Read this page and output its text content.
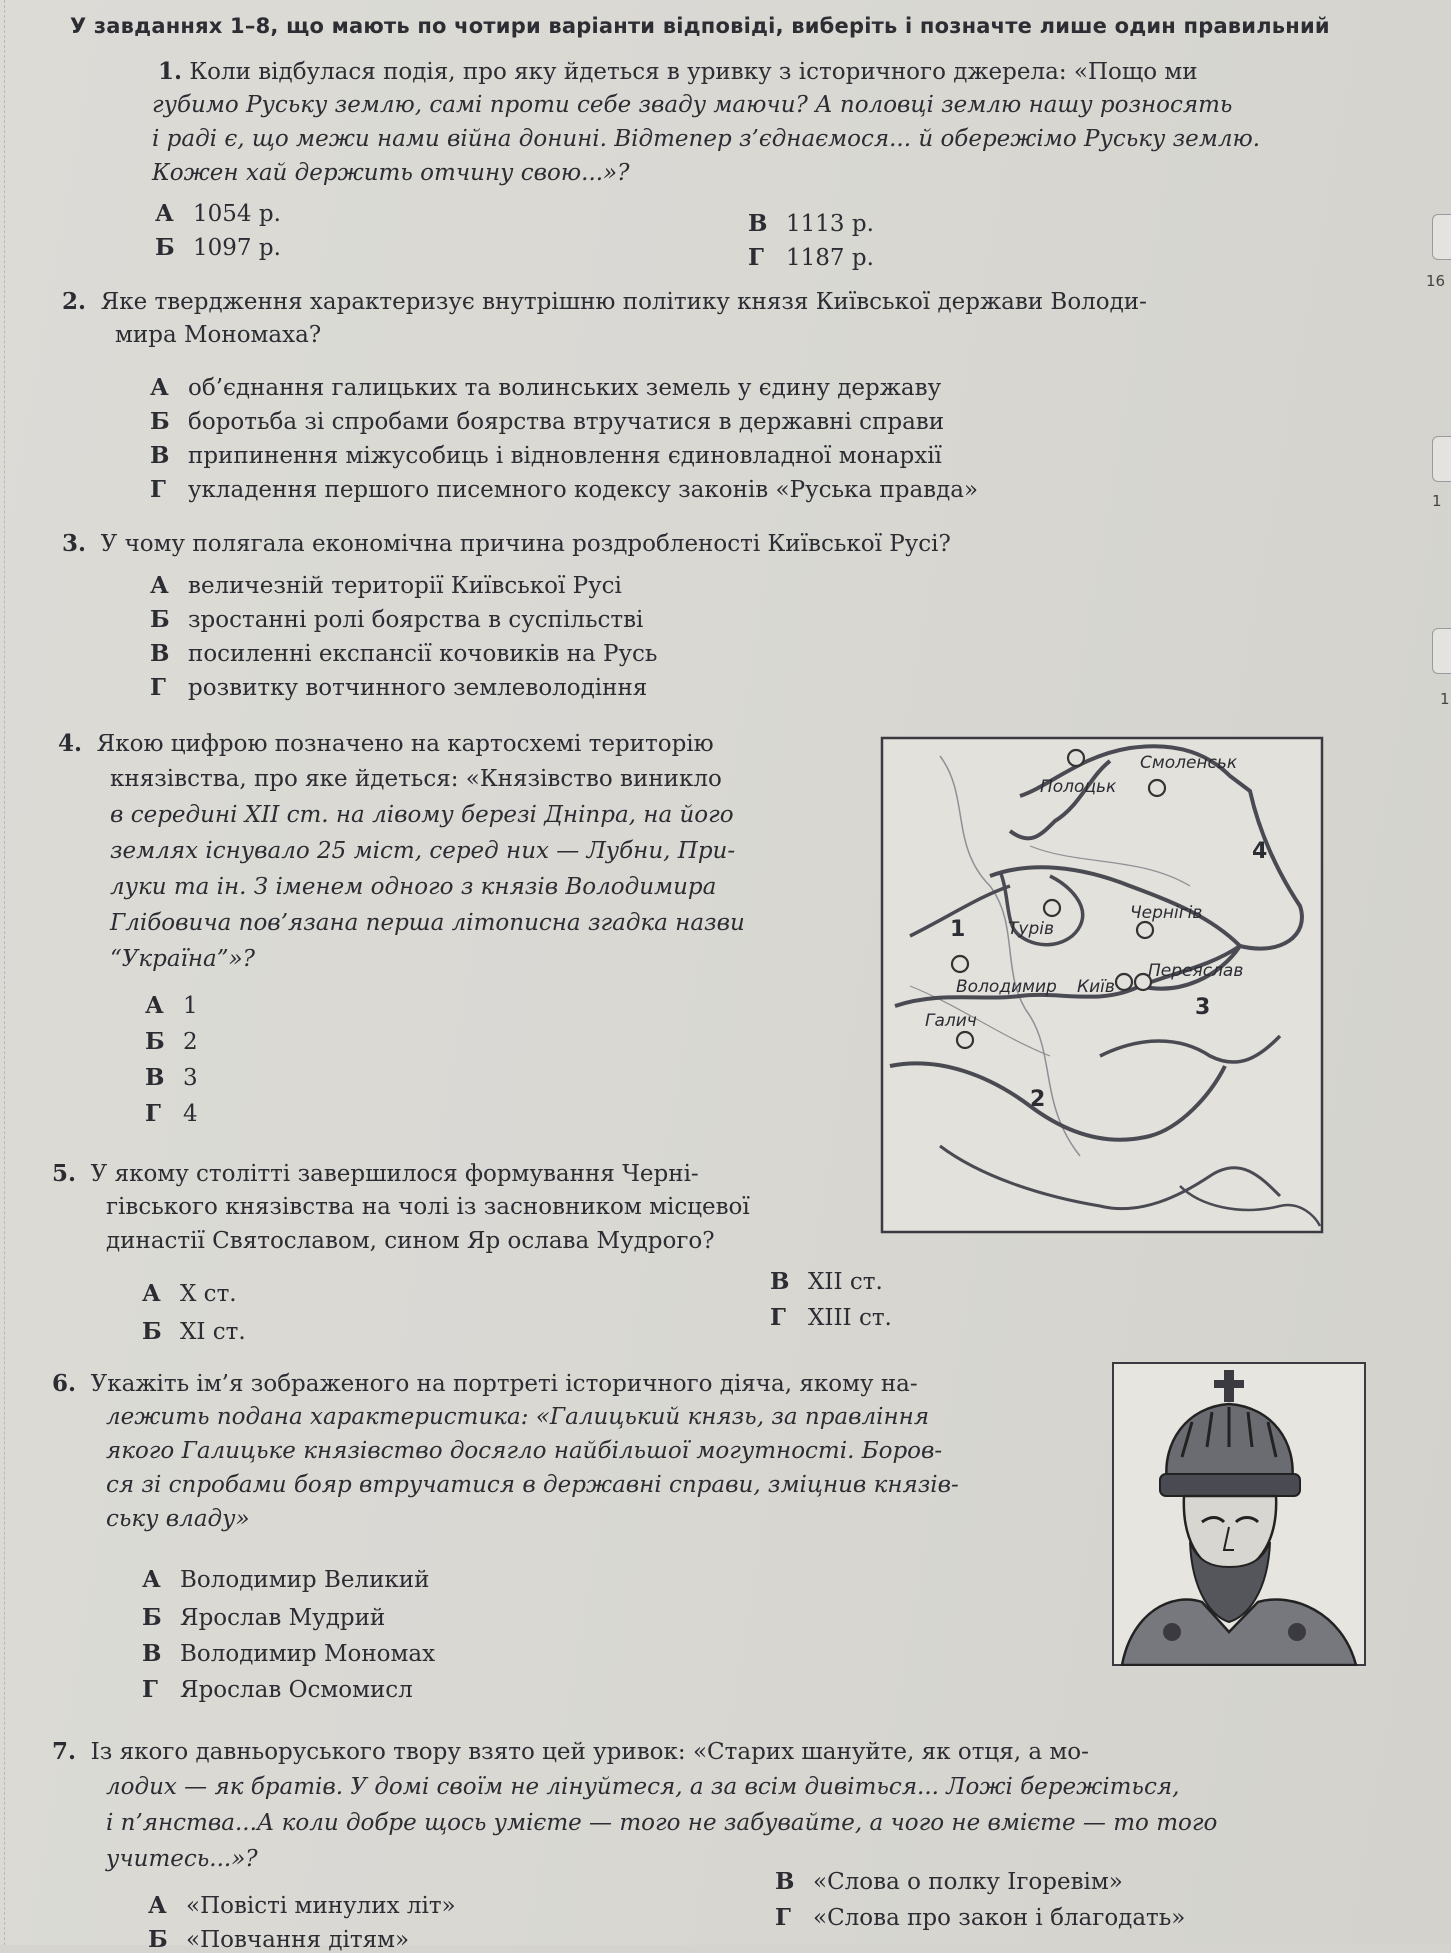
У завданнях 1–8, що мають по чотири варіанти відповіді, виберіть і позначте лише один правильний
1. Коли відбулася подія, про яку йдеться в уривку з історичного джерела: «Пощо ми
губимо Руську землю, самі проти себе зваду маючи? А половці землю нашу розносять
і раді є, що межи нами війна донині. Відтепер з’єднаємося... й обережімо Руську землю.
Кожен хай держить отчину свою...»?
А 1054 р.
Б 1097 р.
В 1113 р.
Г 1187 р.
2. Яке твердження характеризує внутрішню політику князя Київської держави Володи-
мира Мономаха?
А об’єднання галицьких та волинських земель у єдину державу
Б боротьба зі спробами боярства втручатися в державні справи
В припинення міжусобиць і відновлення єдиновладної монархії
Г укладення першого писемного кодексу законів «Руська правда»
3. У чому полягала економічна причина роздробленості Київської Русі?
А величезній території Київської Русі
Б зростанні ролі боярства в суспільстві
В посиленні експансії кочовиків на Русь
Г розвитку вотчинного землеволодіння
4. Якою цифрою позначено на картосхемі територію
князівства, про яке йдеться: «Князівство виникло
в середині XII ст. на лівому березі Дніпра, на його
землях існувало 25 міст, серед них — Лубни, При-
луки та ін. З іменем одного з князів Володимира
Глібовича пов’язана перша літописна згадка назви
“Україна”»?
А 1
Б 2
В 3
Г 4
Полоцьк
Смоленськ
Турів
Чернігів
Володимир Київ
Переяслав
Галич
1
2
3
4
5. У якому столітті завершилося формування Черні-
гівського князівства на чолі із засновником місцевої
династії Святославом, сином Яр ослава Мудрого?
А X ст.
Б XI ст.
В XII ст.
Г XIII ст.
6. Укажіть ім’я зображеного на портреті історичного діяча, якому на-
лежить подана характеристика: «Галицький князь, за правління
якого Галицьке князівство досягло найбільшої могутності. Боров-
ся зі спробами бояр втручатися в державні справи, зміцнив князів-
ську владу»
А Володимир Великий
Б Ярослав Мудрий
В Володимир Мономах
Г Ярослав Осмомисл
7. Із якого давньоруського твору взято цей уривок: «Старих шануйте, як отця, а мо-
лодих — як братів. У домі своїм не лінуйтеся, а за всім дивіться... Ложі бережіться,
і п’янства...А коли добре щось умієте — того не забувайте, а чого не вмієте — то того
учитесь...»?
А «Повісті минулих літ»
Б «Повчання дітям»
В «Слова о полку Ігоревім»
Г «Слова про закон і благодать»
16
1
1
